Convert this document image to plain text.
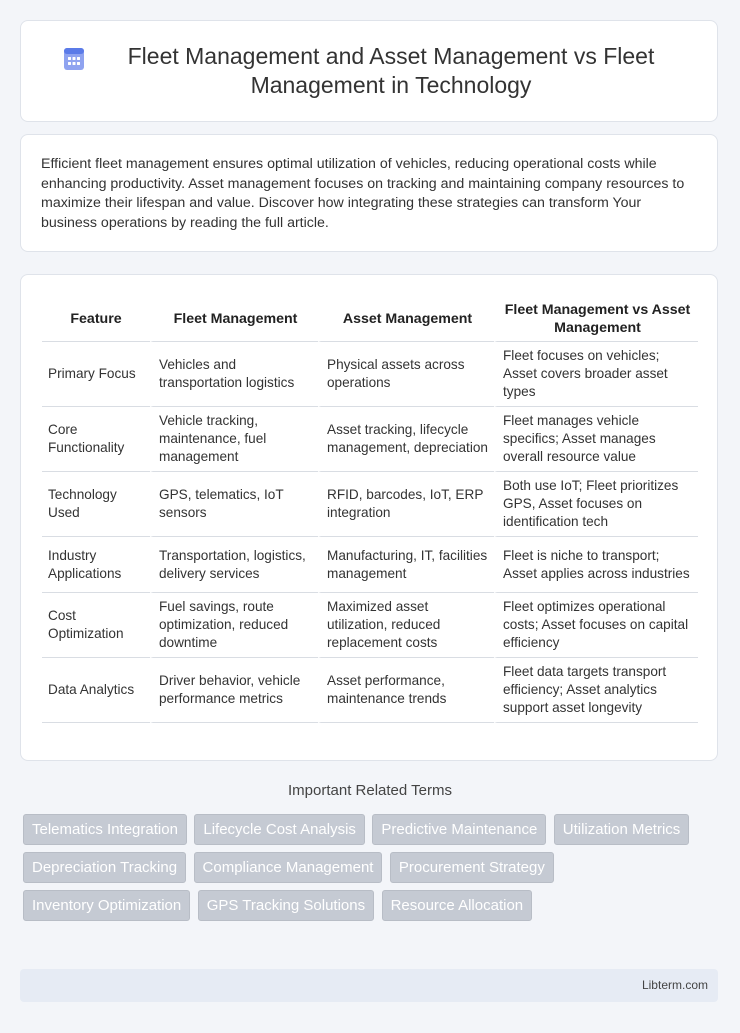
Fleet Management and Asset Management vs Fleet Management in Technology

Efficient fleet management ensures optimal utilization of vehicles, reducing operational costs while enhancing productivity. Asset management focuses on tracking and maintaining company resources to maximize their lifespan and value. Discover how integrating these strategies can transform Your business operations by reading the full article.

Feature	Fleet Management	Asset Management	Fleet Management vs Asset Management
Primary Focus	Vehicles and transportation logistics	Physical assets across operations	Fleet focuses on vehicles; Asset covers broader asset types
Core Functionality	Vehicle tracking, maintenance, fuel management	Asset tracking, lifecycle management, depreciation	Fleet manages vehicle specifics; Asset manages overall resource value
Technology Used	GPS, telematics, IoT sensors	RFID, barcodes, IoT, ERP integration	Both use IoT; Fleet prioritizes GPS, Asset focuses on identification tech
Industry Applications	Transportation, logistics, delivery services	Manufacturing, IT, facilities management	Fleet is niche to transport; Asset applies across industries
Cost Optimization	Fuel savings, route optimization, reduced downtime	Maximized asset utilization, reduced replacement costs	Fleet optimizes operational costs; Asset focuses on capital efficiency
Data Analytics	Driver behavior, vehicle performance metrics	Asset performance, maintenance trends	Fleet data targets transport efficiency; Asset analytics support asset longevity
Important Related Terms
Telematics Integration Lifecycle Cost Analysis Predictive Maintenance Utilization Metrics Depreciation Tracking Compliance Management Procurement Strategy Inventory Optimization GPS Tracking Solutions Resource Allocation
Libterm.com
